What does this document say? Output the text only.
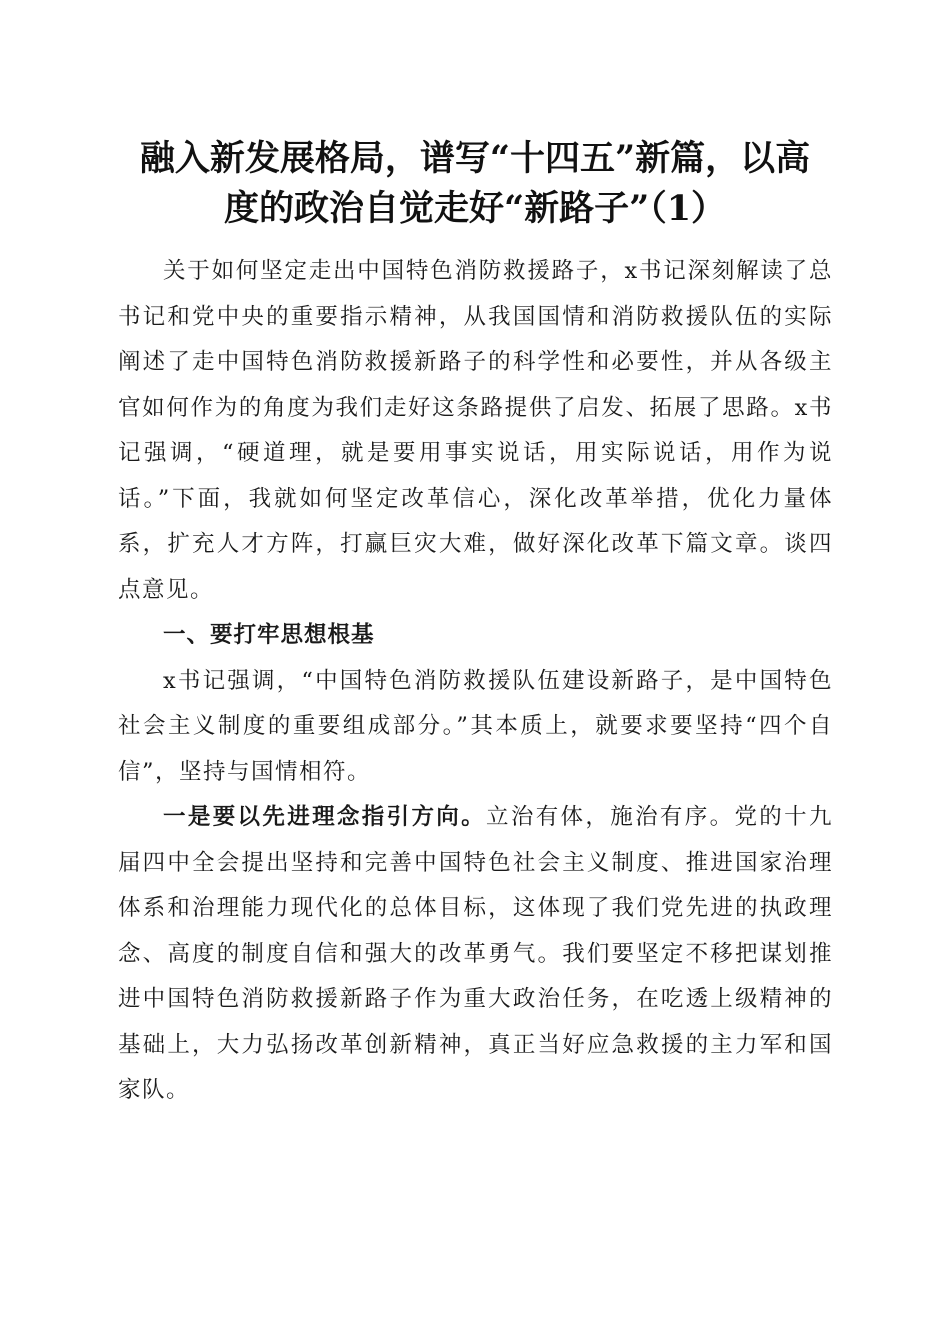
融入新发展格局，谱写“十四五”新篇，以高
度的政治自觉走好“新路子”（1）

关于如何坚定走出中国特色消防救援路子，x书记深刻解读了总书记和党中央的重要指示精神，从我国国情和消防救援队伍的实际阐述了走中国特色消防救援新路子的科学性和必要性，并从各级主官如何作为的角度为我们走好这条路提供了启发、拓展了思路。x书记强调，“硬道理，就是要用事实说话，用实际说话，用作为说话。”下面，我就如何坚定改革信心，深化改革举措，优化力量体系，扩充人才方阵，打赢巨灾大难，做好深化改革下篇文章。谈四点意见。

一、要打牢思想根基

x书记强调，“中国特色消防救援队伍建设新路子，是中国特色社会主义制度的重要组成部分。”其本质上，就要求要坚持“四个自信”，坚持与国情相符。

一是要以先进理念指引方向。立治有体，施治有序。党的十九届四中全会提出坚持和完善中国特色社会主义制度、推进国家治理体系和治理能力现代化的总体目标，这体现了我们党先进的执政理念、高度的制度自信和强大的改革勇气。我们要坚定不移把谋划推进中国特色消防救援新路子作为重大政治任务，在吃透上级精神的基础上，大力弘扬改革创新精神，真正当好应急救援的主力军和国家队。
